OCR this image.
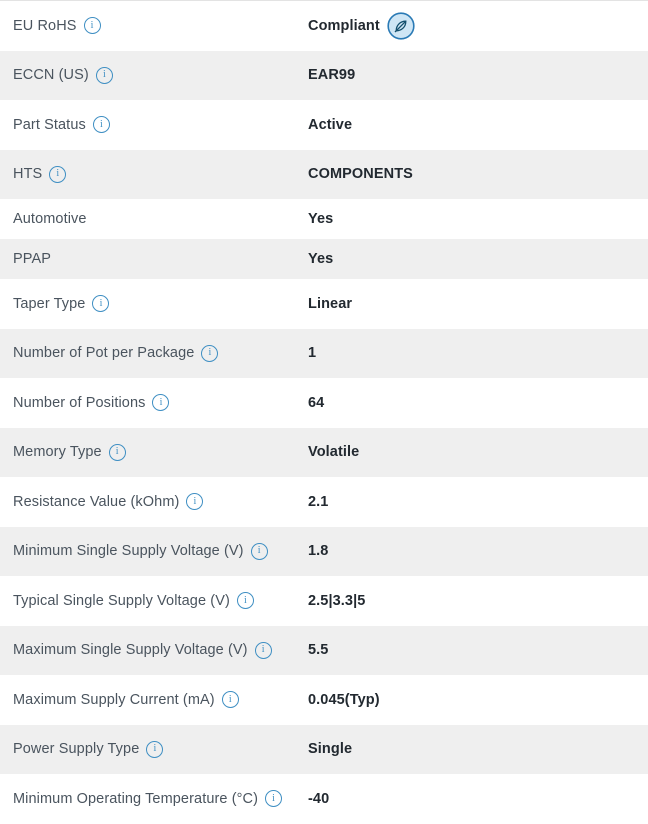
EU RoHS	i	Compliant
ECCN (US)	i	EAR99
Part Status	i	Active
HTS	i	COMPONENTS
Automotive	Yes
PPAP	Yes
Taper Type	i	Linear
Number of Pot per Package	i	1
Number of Positions	i	64
Memory Type	i	Volatile
Resistance Value (kOhm)	i	2.1
Minimum Single Supply Voltage (V)	i	1.8
Typical Single Supply Voltage (V)	i	2.5|3.3|5
Maximum Single Supply Voltage (V)	i	5.5
Maximum Supply Current (mA)	i	0.045(Typ)
Power Supply Type	i	Single
Minimum Operating Temperature (°C)	i	-40
